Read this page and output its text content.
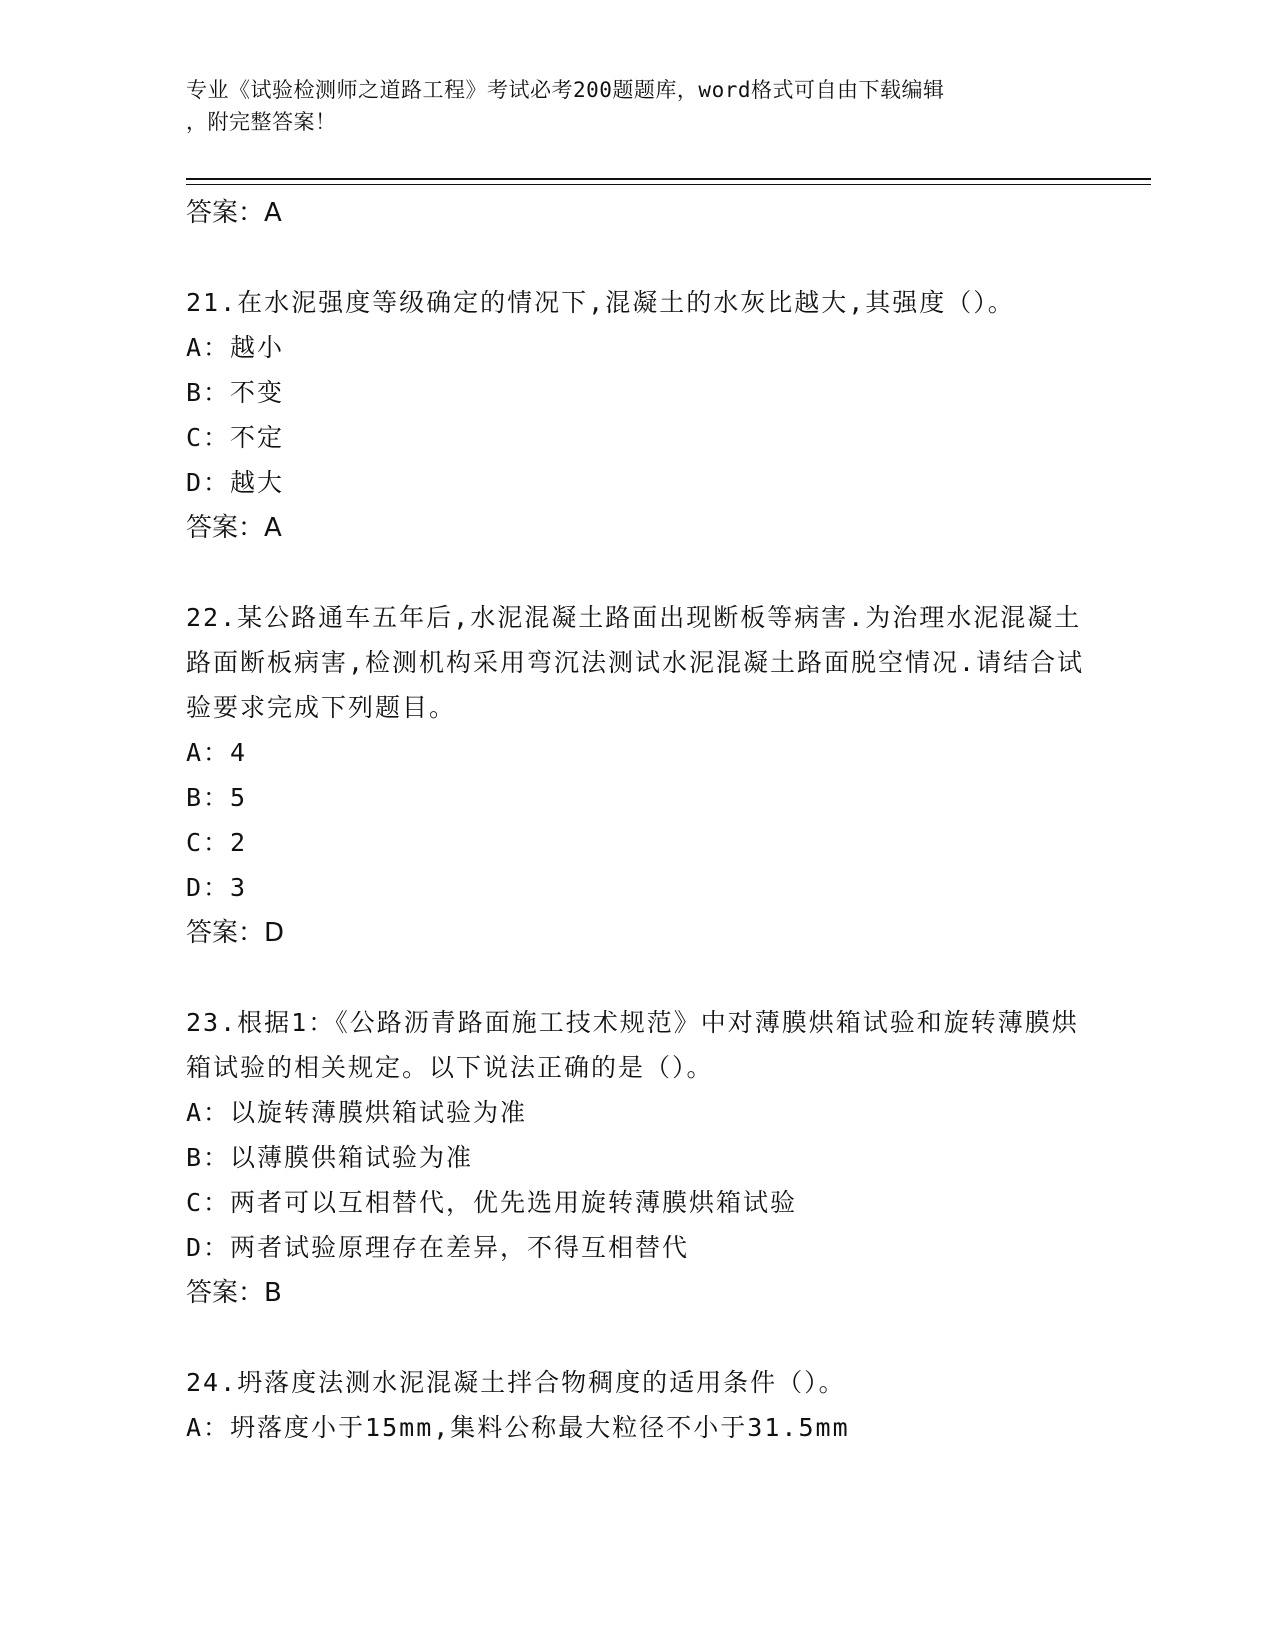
专业《试验检测师之道路工程》考试必考200题题库，word格式可自由下载编辑
，附完整答案！

答案：A

21.在水泥强度等级确定的情况下,混凝土的水灰比越大,其强度（）。

A：越小

B：不变

C：不定

D：越大

答案：A

22.某公路通车五年后,水泥混凝土路面出现断板等病害.为治理水泥混凝土路面断板病害,检测机构采用弯沉法测试水泥混凝土路面脱空情况.请结合试验要求完成下列题目。

A：4

B：5

C：2

D：3

答案：D

23.根据1：《公路沥青路面施工技术规范》中对薄膜烘箱试验和旋转薄膜烘箱试验的相关规定。以下说法正确的是（）。

A：以旋转薄膜烘箱试验为准

B：以薄膜供箱试验为准

C：两者可以互相替代，优先选用旋转薄膜烘箱试验

D：两者试验原理存在差异，不得互相替代

答案：B

24.坍落度法测水泥混凝土拌合物稠度的适用条件（）。

A：坍落度小于15mm,集料公称最大粒径不小于31.5mm
